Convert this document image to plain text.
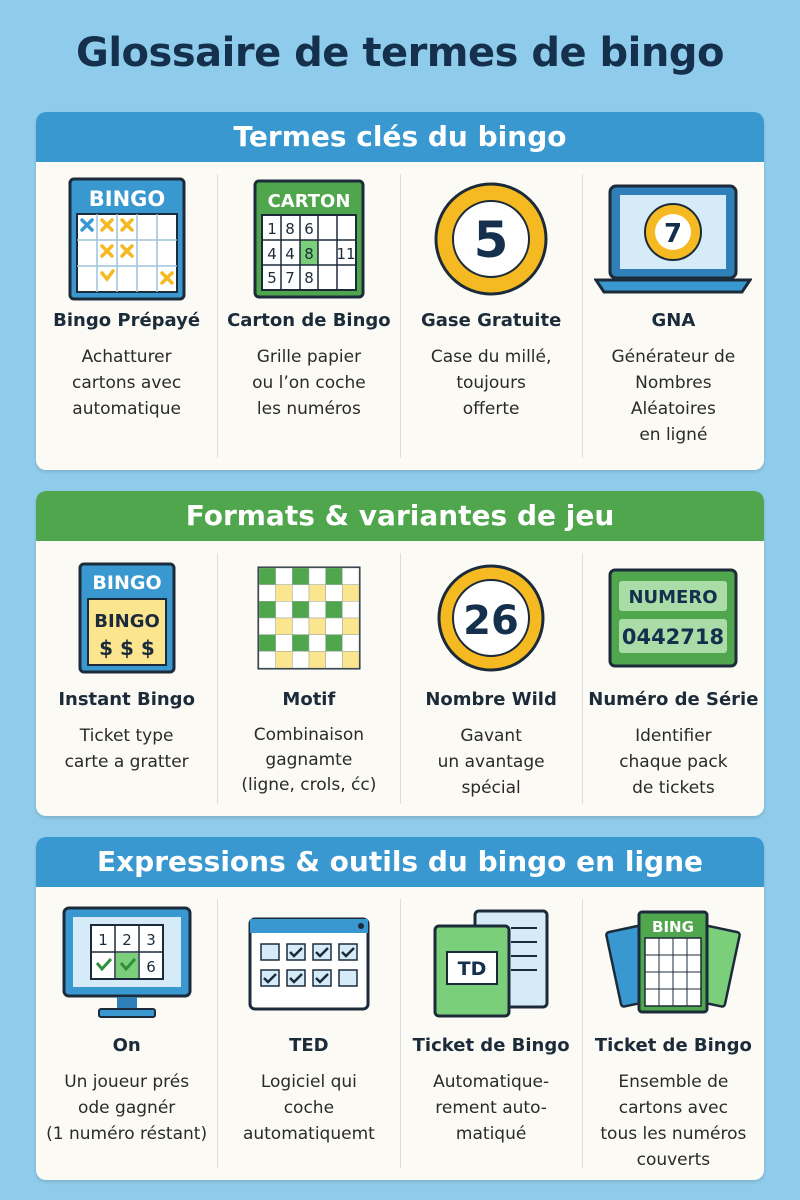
Glossaire de termes de bingo
Termes clés du bingo
BINGO
Bingo Prépayé
Achatturer
cartons avec
automatique
CARTON
1 8 6
4 4 8 11
5 7 8
Carton de Bingo
Grille papier
ou l’on coche
les numéros
5
Gase Gratuite
Case du millé,
toujours
offerte
7
GNA
Générateur de
Nombres
Aléatoires
en ligné
Formats & variantes de jeu
BINGO
BINGO
$ $ $
Instant Bingo
Ticket type
carte a gratter
Motif
Combinaison
gagnamte
(ligne, crols, ćc)
26
Nombre Wild
Gavant
un avantage
spécial
NUMERO
0442718
Numéro de Série
Identifier
chaque pack
de tickets
Expressions & outils du bingo en ligne
1 2 3
6
On
Un joueur prés
ode gagnér
(1 numéro réstant)
TED
Logiciel qui
coche
automatiquemt
TD
Ticket de Bingo
Automatique-
rement auto-
matiqué
BING
Ticket de Bingo
Ensemble de
cartons avec
tous les numéros
couverts
